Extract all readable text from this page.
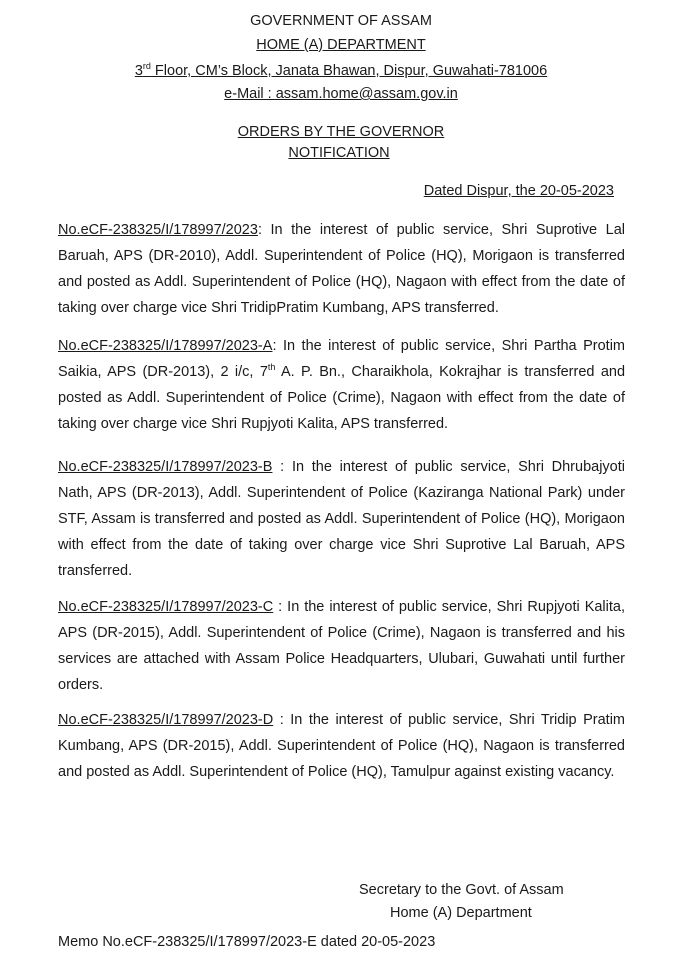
GOVERNMENT OF ASSAM
HOME (A) DEPARTMENT
3rd Floor, CM’s Block, Janata Bhawan, Dispur, Guwahati-781006
e-Mail : assam.home@assam.gov.in
ORDERS BY THE GOVERNOR
NOTIFICATION
Dated Dispur, the 20-05-2023
No.eCF-238325/I/178997/2023: In the interest of public service, Shri Suprotive Lal Baruah, APS (DR-2010), Addl. Superintendent of Police (HQ), Morigaon is transferred and posted as Addl. Superintendent of Police (HQ), Nagaon with effect from the date of taking over charge vice Shri TridipPratim Kumbang, APS transferred.
No.eCF-238325/I/178997/2023-A: In the interest of public service, Shri Partha Protim Saikia, APS (DR-2013), 2 i/c, 7th A. P. Bn., Charaikhola, Kokrajhar is transferred and posted as Addl. Superintendent of Police (Crime), Nagaon with effect from the date of taking over charge vice Shri Rupjyoti Kalita, APS transferred.
No.eCF-238325/I/178997/2023-B : In the interest of public service, Shri Dhrubajyoti Nath, APS (DR-2013), Addl. Superintendent of Police (Kaziranga National Park) under STF, Assam is transferred and posted as Addl. Superintendent of Police (HQ), Morigaon with effect from the date of taking over charge vice Shri Suprotive Lal Baruah, APS transferred.
No.eCF-238325/I/178997/2023-C : In the interest of public service, Shri Rupjyoti Kalita, APS (DR-2015), Addl. Superintendent of Police (Crime), Nagaon is transferred and his services are attached with Assam Police Headquarters, Ulubari, Guwahati until further orders.
No.eCF-238325/I/178997/2023-D : In the interest of public service, Shri Tridip Pratim Kumbang, APS (DR-2015), Addl. Superintendent of Police (HQ), Nagaon is transferred and posted as Addl. Superintendent of Police (HQ), Tamulpur against existing vacancy.
Secretary to the Govt. of Assam
Home (A) Department
Memo No.eCF-238325/I/178997/2023-E dated 20-05-2023
